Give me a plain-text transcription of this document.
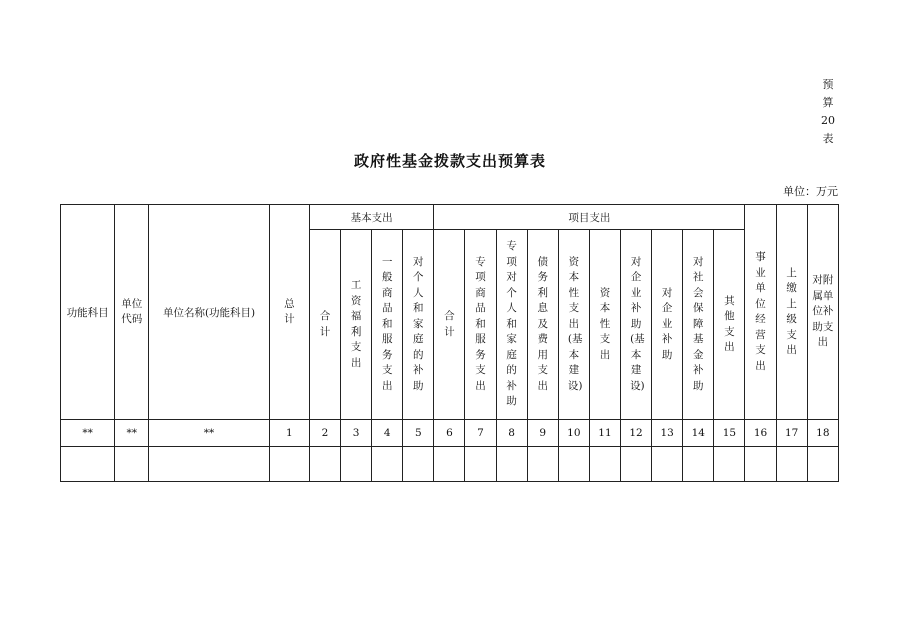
预
算
20
表
政府性基金拨款支出预算表
单位：万元
功能科目	单位代码	单位名称(功能科目)	总计	基本支出				项目支出										事业单位经营支出	上缴上级支出	对附属单位补助支出

				合计	工资福利支出	一般商品和服务支出	对个人和家庭的补助	合计	专项商品和服务支出	专项对个人和家庭的补助	债务利息及费用支出	资本性支出(基本建设)	资本性支出	对企业补助(基本建设)	对企业补助	对社会保障基金补助	其他支出			

**	**	**	1	2	3	4	5	6	7	8	9	10	11	12	13	14	15	16	17	18
